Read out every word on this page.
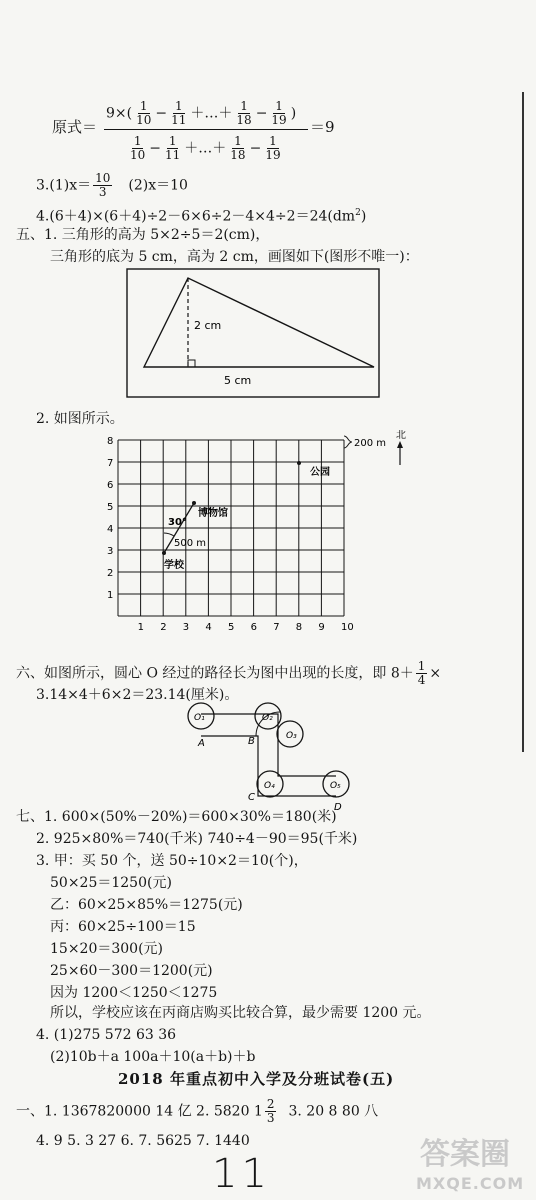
原式＝
$9\times( \frac{1}{10} - \frac{1}{11}$ ＋…＋ $\frac{1}{18} - \frac{1}{19}$ )
$\frac{1}{10} - \frac{1}{11}$ ＋…＋ $\frac{1}{18} - \frac{1}{19}$
＝9
$3.(1)x= \frac{10}{3} (2)x=10$
$4.(6+4)\times(6+4)\div 2-6\times 6\div 2-4\times 4\div 2=24(dm^2)$
五、1. 三角形的高为 5×2÷5＝2(cm)，
三角形的底为 5 cm，高为 2 cm，画图如下(图形不唯一)：
2 cm
5 cm
2. 如图所示。
1 2 3 4 5 6 7 8 9 10
1
2
3
4
5
6
7
8	200 m
北
公园
30°
博物馆
500 m
学校
六、如图所示，圆心 O 经过的路径长为图中出现的长度，即 $8+ \frac{1}{4}$ ×
3.14×4＋6×2＝23.14(厘米)。
O₁	O₂
O₃
O₄	O₅
A	B
C
D
七、1. 600×(50%－20%)＝600×30%＝180(米)
2. 925×80%＝740(千米) 740÷4－90＝95(千米)
3. 甲：买 50 个，送 50÷10×2＝10(个)，
50×25＝1250(元)
乙：60×25×85%＝1275(元)
丙：60×25÷100＝15
15×20＝300(元)
25×60－300＝1200(元)
因为 1200＜1250＜1275
所以，学校应该在丙商店购买比较合算，最少需要 1200 元。
4. (1)275 572 63 36
(2)10b＋a 100a＋10(a＋b)＋b
2018 年重点初中入学及分班试卷(五)
一、1. 1367820000 14 亿 2. 5820 $1 \frac{2}{3} 3$. 20 8 80 八
4. 9 5. 3 27 6. 7. 5625 7. 1440
11	答案圈
MXQE.COM
